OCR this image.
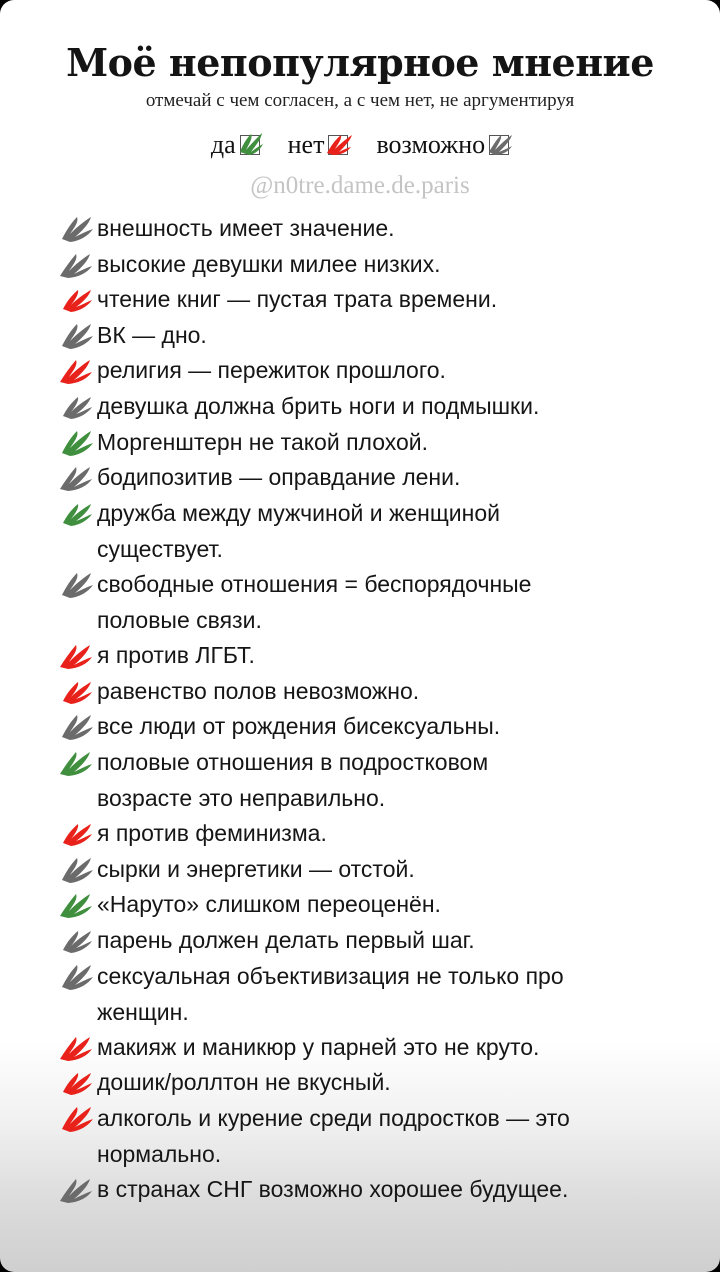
Моё непопулярное мнение
отмечай с чем согласен, а с чем нет, не аргументируя
да нет возможно
@n0tre.dame.de.paris
внешность имеет значение.
высокие девушки милее низких.
чтение книг — пустая трата времени.
ВК — дно.
религия — пережиток прошлого.
девушка должна брить ноги и подмышки.
Моргенштерн не такой плохой.
бодипозитив — оправдание лени.
дружба между мужчиной и женщиной
существует.
свободные отношения = беспорядочные
половые связи.
я против ЛГБТ.
равенство полов невозможно.
все люди от рождения бисексуальны.
половые отношения в подростковом
возрасте это неправильно.
я против феминизма.
сырки и энергетики — отстой.
«Наруто» слишком переоценён.
парень должен делать первый шаг.
сексуальная объективизация не только про
женщин.
макияж и маникюр у парней это не круто.
дошик/роллтон не вкусный.
алкоголь и курение среди подростков — это
нормально.
в странах СНГ возможно хорошее будущее.
